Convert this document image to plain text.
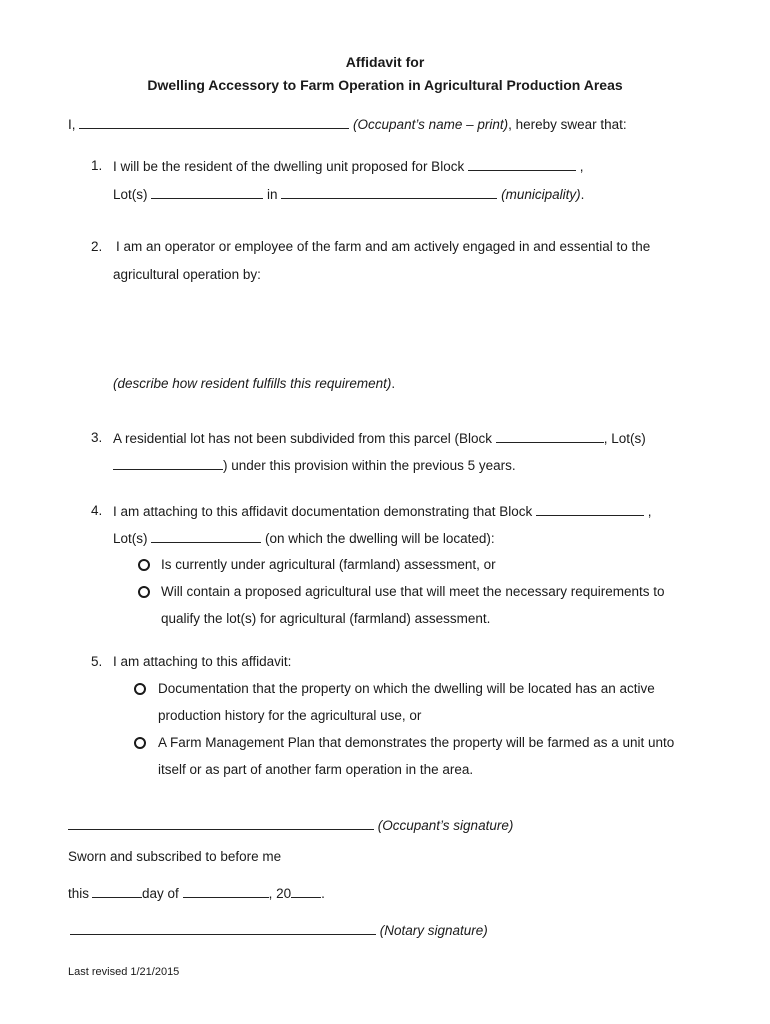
Affidavit for
Dwelling Accessory to Farm Operation in Agricultural Production Areas
I,	(Occupant’s name – print), hereby swear that:
1. I will be the resident of the dwelling unit proposed for Block	,
Lot(s)	in	(municipality).
2. I am an operator or employee of the farm and am actively engaged in and essential to the
agricultural operation by:
(describe how resident fulfills this requirement).
3. A residential lot has not been subdivided from this parcel (Block	, Lot(s)
) under this provision within the previous 5 years.
4. I am attaching to this affidavit documentation demonstrating that Block	,
Lot(s)	(on which the dwelling will be located):
Is currently under agricultural (farmland) assessment, or
Will contain a proposed agricultural use that will meet the necessary requirements to
qualify the lot(s) for agricultural (farmland) assessment.
5. I am attaching to this affidavit:
Documentation that the property on which the dwelling will be located has an active
production history for the agricultural use, or
A Farm Management Plan that demonstrates the property will be farmed as a unit unto
itself or as part of another farm operation in the area.
(Occupant’s signature)
Sworn and subscribed to before me
this	day of	, 20 .
(Notary signature)
Last revised 1/21/2015
